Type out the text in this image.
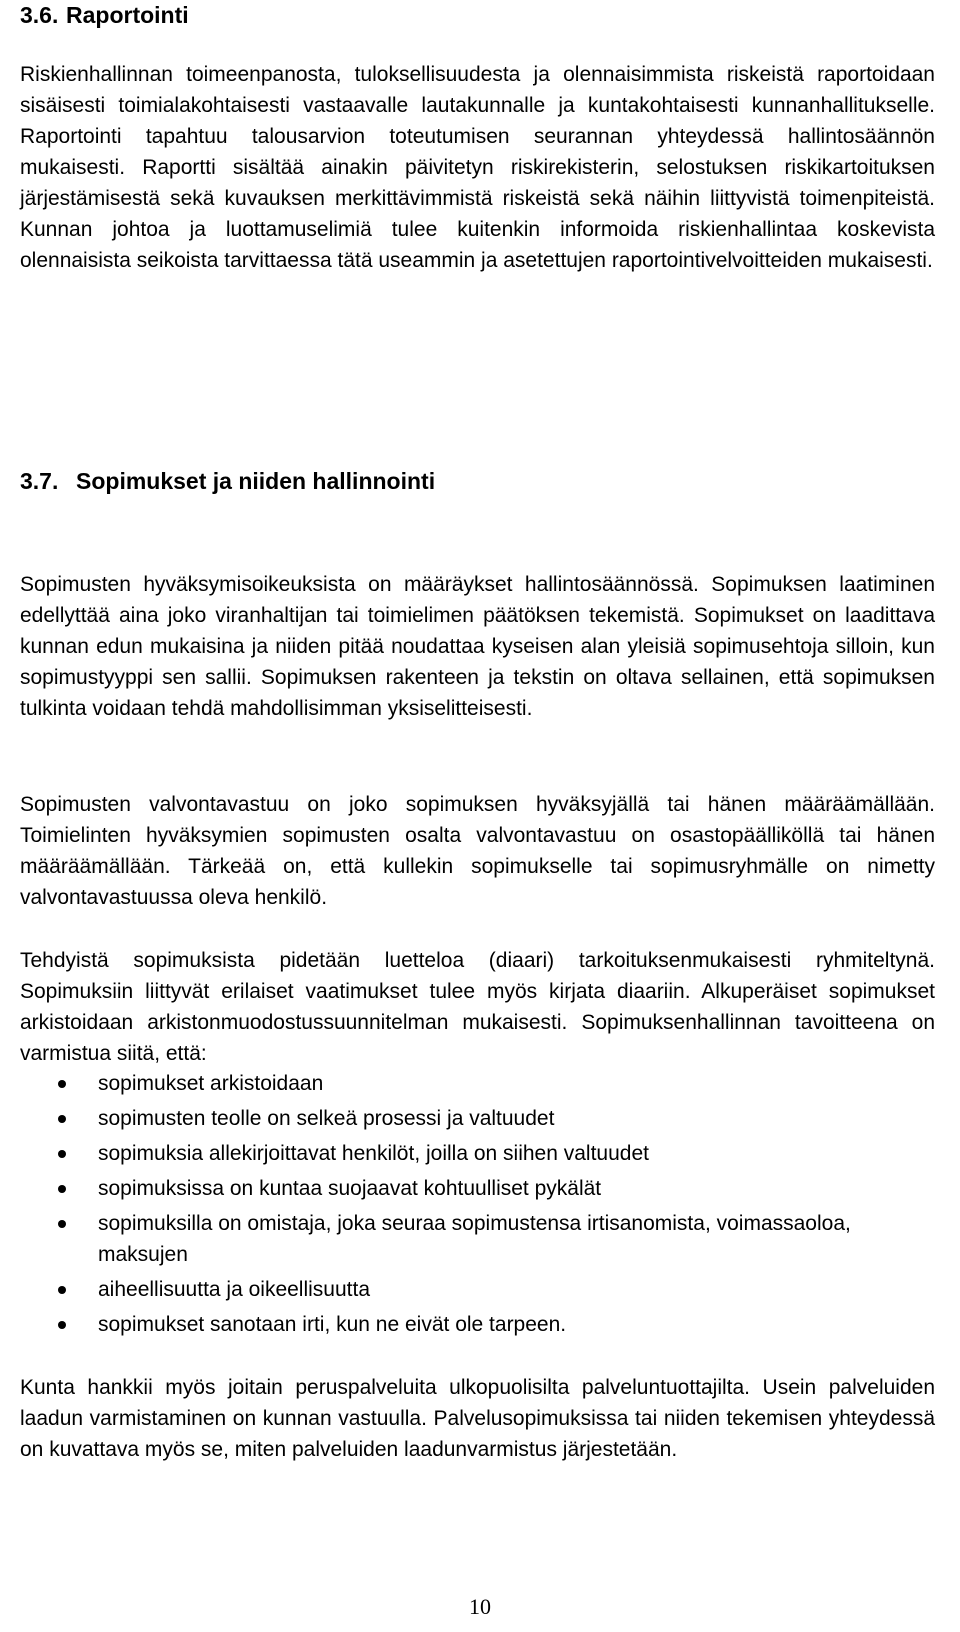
3.6. Raportointi

Riskienhallinnan toimeenpanosta, tuloksellisuudesta ja olennaisimmista riskeistä raportoidaan sisäisesti toimialakohtaisesti vastaavalle lautakunnalle ja kuntakohtaisesti kunnanhallitukselle. Raportointi tapahtuu talousarvion toteutumisen seurannan yhteydessä hallintosäännön mukaisesti. Raportti sisältää ainakin päivitetyn riskirekisterin, selostuksen riskikartoituksen järjestämisestä sekä kuvauksen merkittävimmistä riskeistä sekä näihin liittyvistä toimenpiteistä. Kunnan johtoa ja luottamuselimiä tulee kuitenkin informoida riskienhallintaa koskevista olennaisista seikoista tarvittaessa tätä useammin ja asetettujen raportointivelvoitteiden mukaisesti.

3.7. Sopimukset ja niiden hallinnointi

Sopimusten hyväksymisoikeuksista on määräykset hallintosäännössä. Sopimuksen laatiminen edellyttää aina joko viranhaltijan tai toimielimen päätöksen tekemistä. Sopimukset on laadittava kunnan edun mukaisina ja niiden pitää noudattaa kyseisen alan yleisiä sopimusehtoja silloin, kun sopimustyyppi sen sallii. Sopimuksen rakenteen ja tekstin on oltava sellainen, että sopimuksen tulkinta voidaan tehdä mahdollisimman yksiselitteisesti.

Sopimusten valvontavastuu on joko sopimuksen hyväksyjällä tai hänen määräämällään. Toimielinten hyväksymien sopimusten osalta valvontavastuu on osastopäälliköllä tai hänen määräämällään. Tärkeää on, että kullekin sopimukselle tai sopimusryhmälle on nimetty valvontavastuussa oleva henkilö.

Tehdyistä sopimuksista pidetään luetteloa (diaari) tarkoituksenmukaisesti ryhmiteltynä. Sopimuksiin liittyvät erilaiset vaatimukset tulee myös kirjata diaariin. Alkuperäiset sopimukset arkistoidaan arkistonmuodostussuunnitelman mukaisesti. Sopimuksenhallinnan tavoitteena on varmistua siitä, että:

sopimukset arkistoidaan
sopimusten teolle on selkeä prosessi ja valtuudet
sopimuksia allekirjoittavat henkilöt, joilla on siihen valtuudet
sopimuksissa on kuntaa suojaavat kohtuulliset pykälät
sopimuksilla on omistaja, joka seuraa sopimustensa irtisanomista, voimassaoloa, maksujen
aiheellisuutta ja oikeellisuutta
sopimukset sanotaan irti, kun ne eivät ole tarpeen.

Kunta hankkii myös joitain peruspalveluita ulkopuolisilta palveluntuottajilta. Usein palveluiden laadun varmistaminen on kunnan vastuulla. Palvelusopimuksissa tai niiden tekemisen yhteydessä on kuvattava myös se, miten palveluiden laadunvarmistus järjestetään.

10
